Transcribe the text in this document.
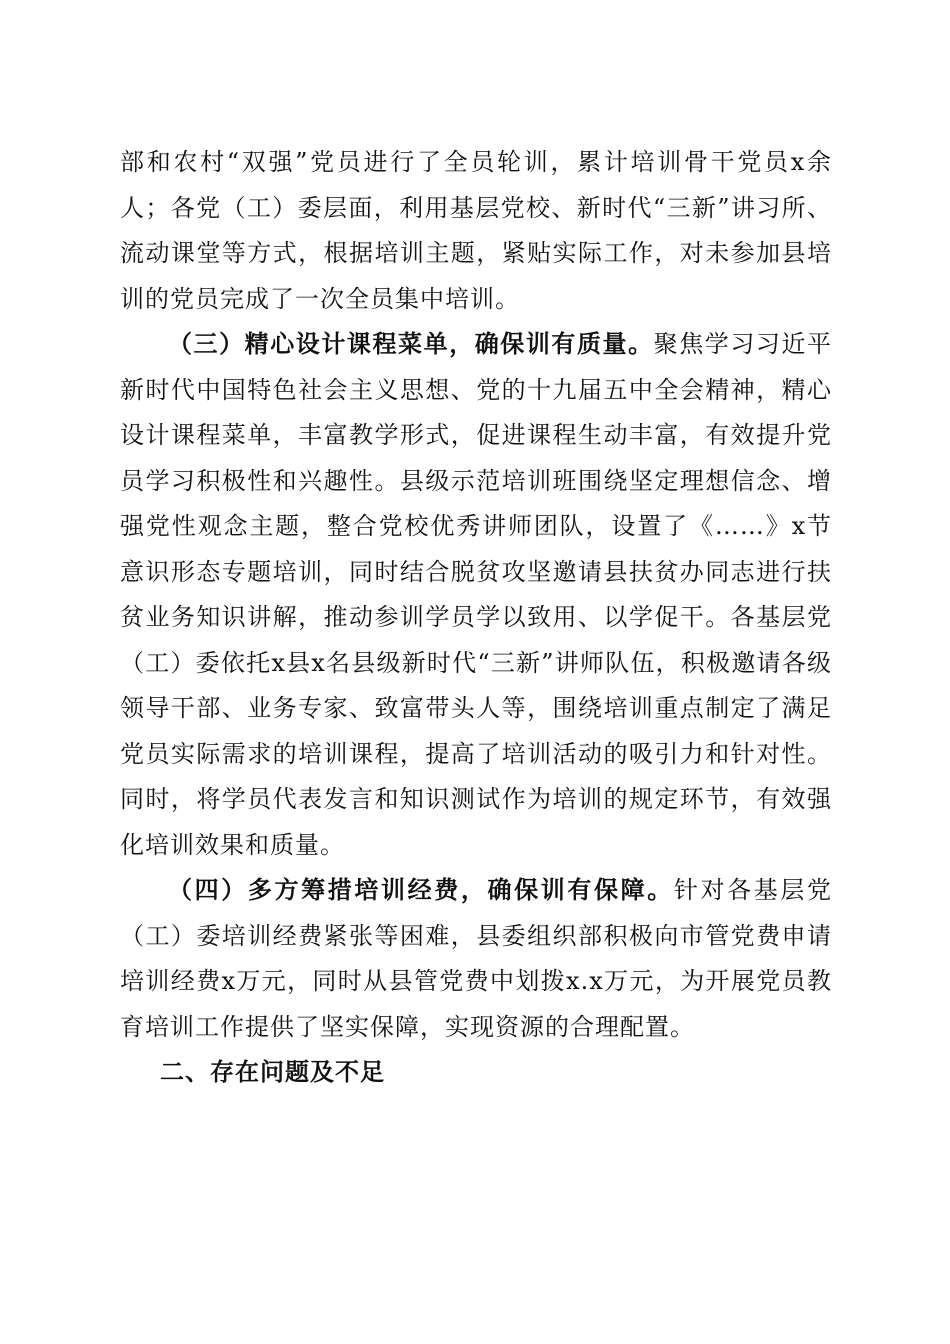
部和农村“双强”党员进行了全员轮训，累计培训骨干党员x余人；各党（工）委层面，利用基层党校、新时代“三新”讲习所、流动课堂等方式，根据培训主题，紧贴实际工作，对未参加县培训的党员完成了一次全员集中培训。

（三）精心设计课程菜单，确保训有质量。聚焦学习习近平新时代中国特色社会主义思想、党的十九届五中全会精神，精心设计课程菜单，丰富教学形式，促进课程生动丰富，有效提升党员学习积极性和兴趣性。县级示范培训班围绕坚定理想信念、增强党性观念主题，整合党校优秀讲师团队，设置了《……》x节意识形态专题培训，同时结合脱贫攻坚邀请县扶贫办同志进行扶贫业务知识讲解，推动参训学员学以致用、以学促干。各基层党（工）委依托x县x名县级新时代“三新”讲师队伍，积极邀请各级领导干部、业务专家、致富带头人等，围绕培训重点制定了满足党员实际需求的培训课程，提高了培训活动的吸引力和针对性。同时，将学员代表发言和知识测试作为培训的规定环节，有效强化培训效果和质量。

（四）多方筹措培训经费，确保训有保障。针对各基层党（工）委培训经费紧张等困难，县委组织部积极向市管党费申请培训经费x万元，同时从县管党费中划拨x.x万元，为开展党员教育培训工作提供了坚实保障，实现资源的合理配置。

二、存在问题及不足
